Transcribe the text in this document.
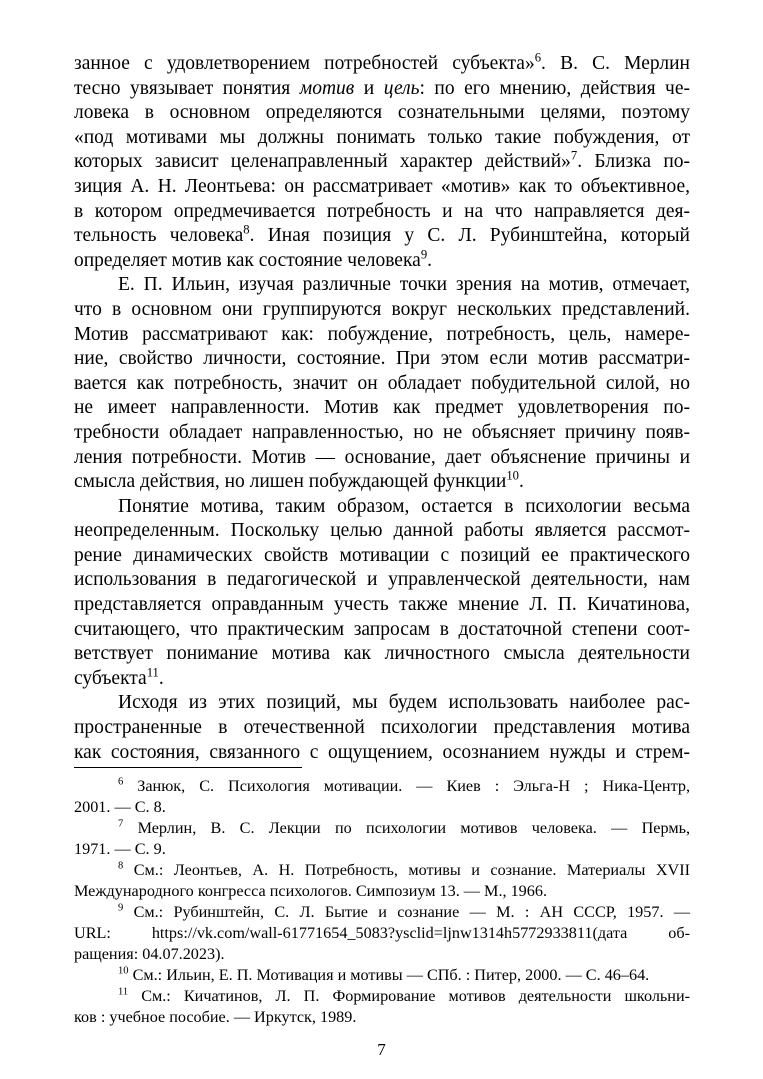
занное с удовлетворением потребностей субъекта»$^6$. В. С. Мерлин

тесно увязывает понятия мотив и цель: по его мнению, действия че-

ловека в основном определяются сознательными целями, поэтому

«под мотивами мы должны понимать только такие побуждения, от

которых зависит целенаправленный характер действий»$^7$. Близка по-

зиция А. Н. Леонтьева: он рассматривает «мотив» как то объективное,

в котором опредмечивается потребность и на что направляется дея-

тельность человека$^8$. Иная позиция у С. Л. Рубинштейна, который

определяет мотив как состояние человека$^9$.

Е. П. Ильин, изучая различные точки зрения на мотив, отмечает,

что в основном они группируются вокруг нескольких представлений.

Мотив рассматривают как: побуждение, потребность, цель, намере-

ние, свойство личности, состояние. При этом если мотив рассматри-

вается как потребность, значит он обладает побудительной силой, но

не имеет направленности. Мотив как предмет удовлетворения по-

требности обладает направленностью, но не объясняет причину появ-

ления потребности. Мотив — основание, дает объяснение причины и

смысла действия, но лишен побуждающей функции$^{10}$.

Понятие мотива, таким образом, остается в психологии весьма

неопределенным. Поскольку целью данной работы является рассмот-

рение динамических свойств мотивации с позиций ее практического

использования в педагогической и управленческой деятельности, нам

представляется оправданным учесть также мнение Л. П. Кичатинова,

считающего, что практическим запросам в достаточной степени соот-

ветствует понимание мотива как личностного смысла деятельности

субъекта$^{11}$.

Исходя из этих позиций, мы будем использовать наиболее рас-

пространенные в отечественной психологии представления мотива

как состояния, связанного с ощущением, осознанием нужды и стрем-

$^6$ Занюк, С. Психология мотивации. — Киев : Эльга-Н ; Ника-Центр,

2001. — С. 8.

$^7$ Мерлин, В. С. Лекции по психологии мотивов человека. — Пермь,

1971. — С. 9.

$^8$ См.: Леонтьев, А. Н. Потребность, мотивы и сознание. Материалы XVII

Международного конгресса психологов. Симпозиум 13. — М., 1966.

$^9$ См.: Рубинштейн, С. Л. Бытие и сознание — М. : АН СССР, 1957. —

URL: https://vk.com/wall-61771654_5083?ysclid=ljnw1314h5772933811(дата об-

ращения: 04.07.2023).

$^{10}$ См.: Ильин, Е. П. Мотивация и мотивы — СПб. : Питер, 2000. — С. 46–64.

$^{11}$ См.: Кичатинов, Л. П. Формирование мотивов деятельности школьни-

ков : учебное пособие. — Иркутск, 1989.

7
